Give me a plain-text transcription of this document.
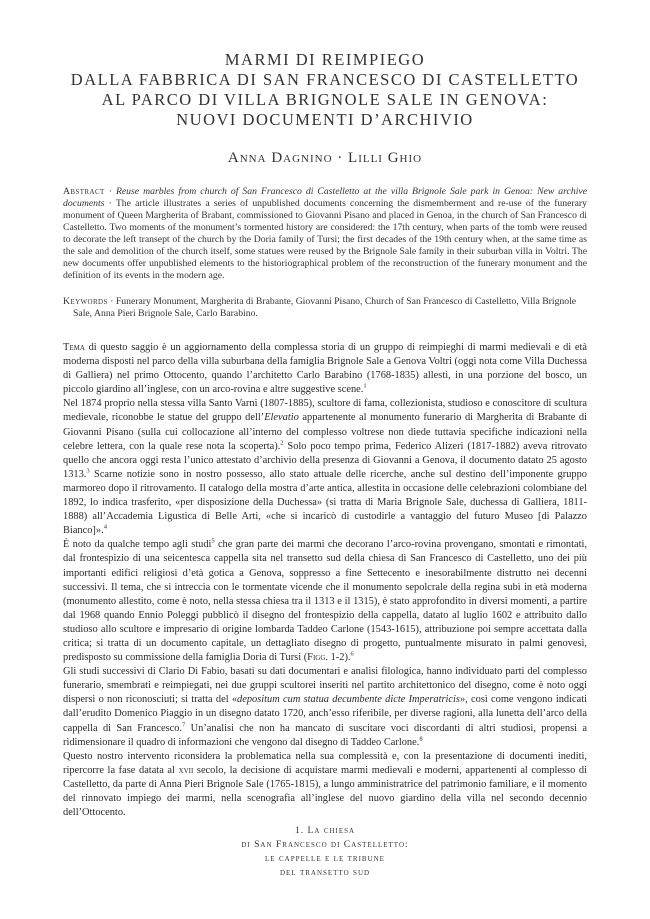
MARMI DI REIMPIEGO
DALLA FABBRICA DI SAN FRANCESCO DI CASTELLETTO
AL PARCO DI VILLA BRIGNOLE SALE IN GENOVA:
NUOVI DOCUMENTI D’ARCHIVIO
Anna Dagnino · Lilli Ghio
Abstract · Reuse marbles from church of San Francesco di Castelletto at the villa Brignole Sale park in Genoa: New archive documents · The article illustrates a series of unpublished documents concerning the dismemberment and re-use of the funerary monument of Queen Margherita of Brabant, commissioned to Giovanni Pisano and placed in Genoa, in the church of San Francesco di Castelletto. Two moments of the monument’s tormented history are considered: the 17th century, when parts of the tomb were reused to decorate the left transept of the church by the Doria family of Tursi; the first decades of the 19th century when, at the same time as the sale and demolition of the church itself, some statues were reused by the Brignole Sale family in their suburban villa in Voltri. The new documents offer unpublished elements to the historiographical problem of the reconstruction of the funerary monument and the definition of its events in the modern age.
Keywords · Funerary Monument, Margherita di Brabante, Giovanni Pisano, Church of San Francesco di Castelletto, Villa Brignole
Sale, Anna Pieri Brignole Sale, Carlo Barabino.

Tema di questo saggio è un aggiornamento della complessa storia di un gruppo di reimpieghi di marmi medievali e di età moderna disposti nel parco della villa suburbana della famiglia Brignole Sale a Genova Voltri (oggi nota come Villa Duchessa di Galliera) nel primo Ottocento, quando l’architetto Carlo Barabino (1768-1835) allestì, in una porzione del bosco, un piccolo giardino all’inglese, con un arco-rovina e altre suggestive scene.$^1$

Nel 1874 proprio nella stessa villa Santo Varni (1807-1885), scultore di fama, collezionista, studioso e conoscitore di scultura medievale, riconobbe le statue del gruppo dell’Elevatio appartenente al monumento funerario di Margherita di Brabante di Giovanni Pisano (sulla cui collocazione all’interno del complesso voltrese non diede tuttavia specifiche indicazioni nella celebre lettera, con la quale rese nota la scoperta).$^2$ Solo poco tempo prima, Federico Alizeri (1817-1882) aveva ritrovato quello che ancora oggi resta l’unico attestato d’archivio della presenza di Giovanni a Genova, il documento datato 25 agosto 1313.$^3$ Scarne notizie sono in nostro possesso, allo stato attuale delle ricerche, anche sul destino dell’imponente gruppo marmoreo dopo il ritrovamento. Il catalogo della mostra d’arte antica, allestita in occasione delle celebrazioni colombiane del 1892, lo indica trasferito, «per disposizione della Duchessa» (si tratta di Maria Brignole Sale, duchessa di Galliera, 1811-1888) all’Accademia Ligustica di Belle Arti, «che si incaricò di custodirle a vantaggio del futuro Museo [di Palazzo Bianco]».$^4$

È noto da qualche tempo agli studi$^5$ che gran parte dei marmi che decorano l’arco-rovina provengano, smontati e rimontati, dal frontespizio di una seicentesca cappella sita nel transetto sud della chiesa di San Francesco di Castelletto, uno dei più importanti edifici religiosi d’età gotica a Genova, soppresso a fine Settecento e inesorabilmente distrutto nei decenni successivi. Il tema, che si intreccia con le tormentate vicende che il monumento sepolcrale della regina subì in età moderna (monumento allestito, come è noto, nella stessa chiesa tra il 1313 e il 1315), è stato approfondito in diversi momenti, a partire dal 1968 quando Ennio Poleggi pubblicò il disegno del frontespizio della cappella, datato al luglio 1602 e attribuito dallo studioso allo scultore e impresario di origine lombarda Taddeo Carlone (1543-1615), attribuzione poi sempre accettata dalla critica; si tratta di un documento capitale, un dettagliato disegno di progetto, puntualmente misurato in palmi genovesi, predisposto su commissione della famiglia Doria di Tursi (Figg. 1-2).$^6$

Gli studi successivi di Clario Di Fabio, basati su dati documentari e analisi filologica, hanno individuato parti del complesso funerario, smembrati e reimpiegati, nei due gruppi scultorei inseriti nel partito architettonico del disegno, come è noto oggi dispersi o non riconosciuti; si tratta del «depositum cum statua decumbente dicte Imperatricis», così come vengono indicati dall’erudito Domenico Piaggio in un disegno datato 1720, anch’esso riferibile, per diverse ragioni, alla lunetta dell’arco della cappella di San Francesco.$^7$ Un’analisi che non ha mancato di suscitare voci discordanti di altri studiosi, propensi a ridimensionare il quadro di informazioni che vengono dal disegno di Taddeo Carlone.$^8$

Questo nostro intervento riconsidera la problematica nella sua complessità e, con la presentazione di documenti inediti, ripercorre la fase datata al xvii secolo, la decisione di acquistare marmi medievali e moderni, appartenenti al complesso di Castelletto, da parte di Anna Pieri Brignole Sale (1765-1815), a lungo amministratrice del patrimonio familiare, e il momento del rinnovato impiego dei marmi, nella scenografia all’inglese del nuovo giardino della villa nel secondo decennio dell’Ottocento.

1. La chiesa
di San Francesco di Castelletto:
le cappelle e le tribune
del transetto sud
